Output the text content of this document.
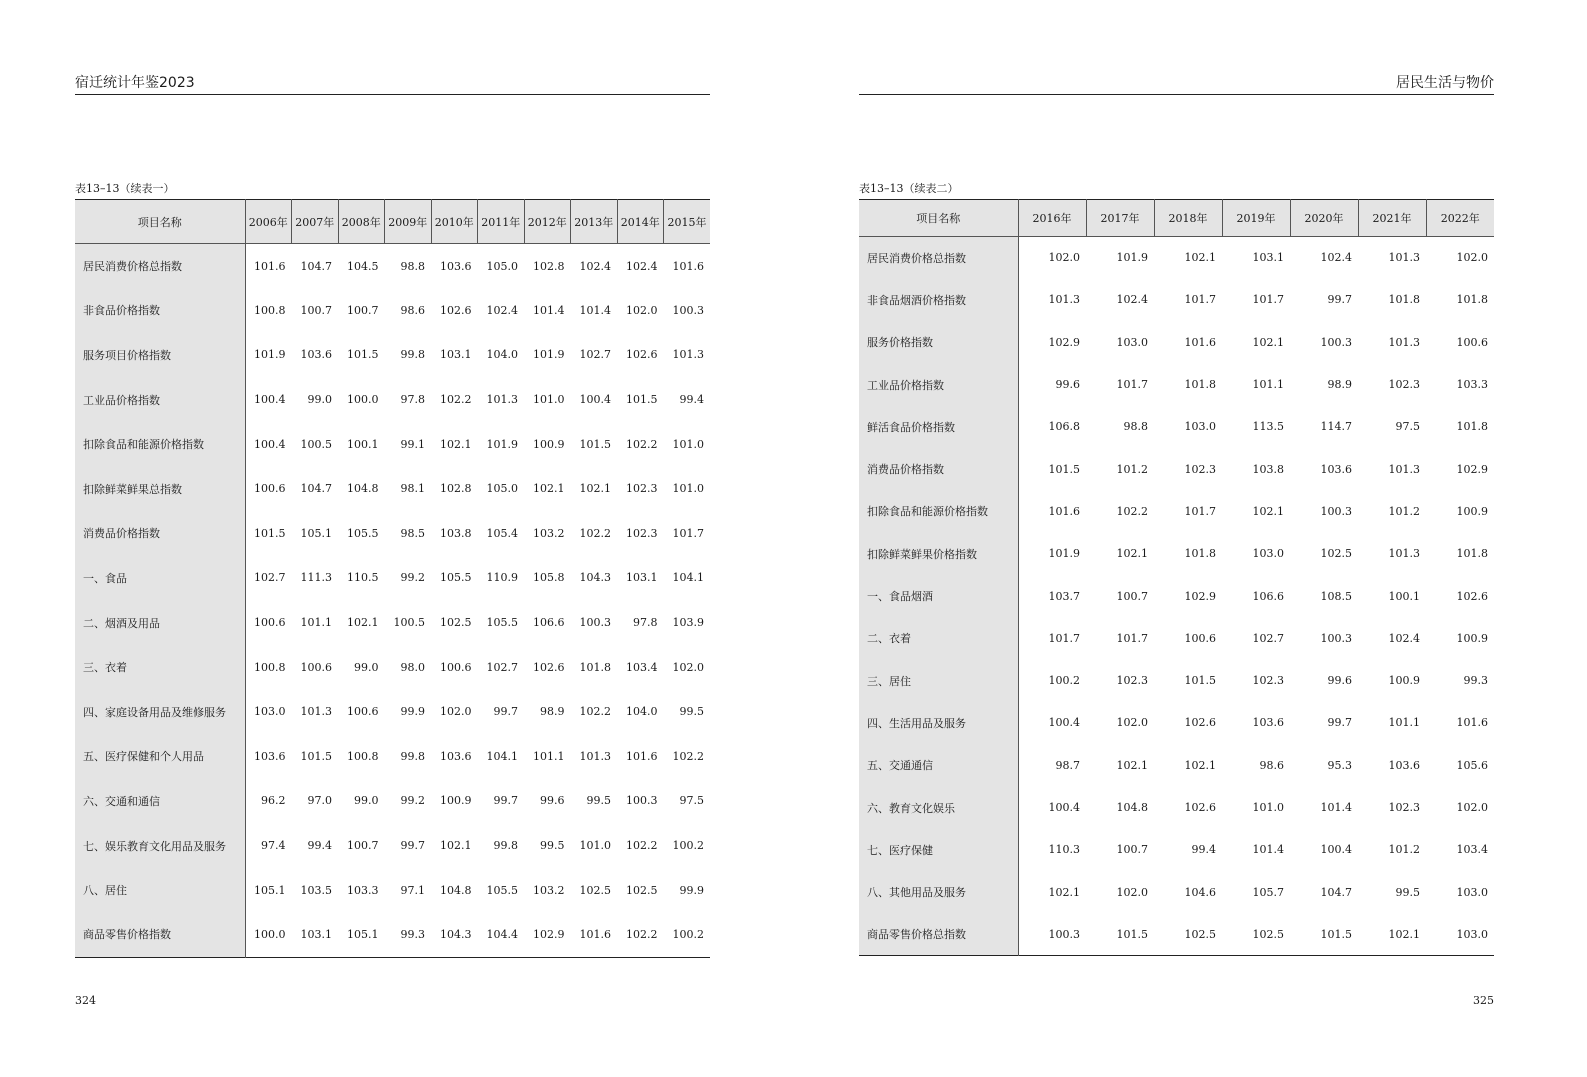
宿迁统计年鉴2023
表13–13（续表一）
项目名称	2006年	2007年	2008年	2009年	2010年	2011年	2012年	2013年	2014年	2015年
居民消费价格总指数	101.6	104.7	104.5	98.8	103.6	105.0	102.8	102.4	102.4	101.6
非食品价格指数	100.8	100.7	100.7	98.6	102.6	102.4	101.4	101.4	102.0	100.3
服务项目价格指数	101.9	103.6	101.5	99.8	103.1	104.0	101.9	102.7	102.6	101.3
工业品价格指数	100.4	99.0	100.0	97.8	102.2	101.3	101.0	100.4	101.5	99.4
扣除食品和能源价格指数	100.4	100.5	100.1	99.1	102.1	101.9	100.9	101.5	102.2	101.0
扣除鲜菜鲜果总指数	100.6	104.7	104.8	98.1	102.8	105.0	102.1	102.1	102.3	101.0
消费品价格指数	101.5	105.1	105.5	98.5	103.8	105.4	103.2	102.2	102.3	101.7
一、食品	102.7	111.3	110.5	99.2	105.5	110.9	105.8	104.3	103.1	104.1
二、烟酒及用品	100.6	101.1	102.1	100.5	102.5	105.5	106.6	100.3	97.8	103.9
三、衣着	100.8	100.6	99.0	98.0	100.6	102.7	102.6	101.8	103.4	102.0
四、家庭设备用品及维修服务	103.0	101.3	100.6	99.9	102.0	99.7	98.9	102.2	104.0	99.5
五、医疗保健和个人用品	103.6	101.5	100.8	99.8	103.6	104.1	101.1	101.3	101.6	102.2
六、交通和通信	96.2	97.0	99.0	99.2	100.9	99.7	99.6	99.5	100.3	97.5
七、娱乐教育文化用品及服务	97.4	99.4	100.7	99.7	102.1	99.8	99.5	101.0	102.2	100.2
八、居住	105.1	103.5	103.3	97.1	104.8	105.5	103.2	102.5	102.5	99.9
商品零售价格指数	100.0	103.1	105.1	99.3	104.3	104.4	102.9	101.6	102.2	100.2
324
居民生活与物价
表13–13（续表二）
项目名称	2016年	2017年	2018年	2019年	2020年	2021年	2022年
居民消费价格总指数	102.0	101.9	102.1	103.1	102.4	101.3	102.0
非食品烟酒价格指数	101.3	102.4	101.7	101.7	99.7	101.8	101.8
服务价格指数	102.9	103.0	101.6	102.1	100.3	101.3	100.6
工业品价格指数	99.6	101.7	101.8	101.1	98.9	102.3	103.3
鲜活食品价格指数	106.8	98.8	103.0	113.5	114.7	97.5	101.8
消费品价格指数	101.5	101.2	102.3	103.8	103.6	101.3	102.9
扣除食品和能源价格指数	101.6	102.2	101.7	102.1	100.3	101.2	100.9
扣除鲜菜鲜果价格指数	101.9	102.1	101.8	103.0	102.5	101.3	101.8
一、食品烟酒	103.7	100.7	102.9	106.6	108.5	100.1	102.6
二、衣着	101.7	101.7	100.6	102.7	100.3	102.4	100.9
三、居住	100.2	102.3	101.5	102.3	99.6	100.9	99.3
四、生活用品及服务	100.4	102.0	102.6	103.6	99.7	101.1	101.6
五、交通通信	98.7	102.1	102.1	98.6	95.3	103.6	105.6
六、教育文化娱乐	100.4	104.8	102.6	101.0	101.4	102.3	102.0
七、医疗保健	110.3	100.7	99.4	101.4	100.4	101.2	103.4
八、其他用品及服务	102.1	102.0	104.6	105.7	104.7	99.5	103.0
商品零售价格总指数	100.3	101.5	102.5	102.5	101.5	102.1	103.0
325
